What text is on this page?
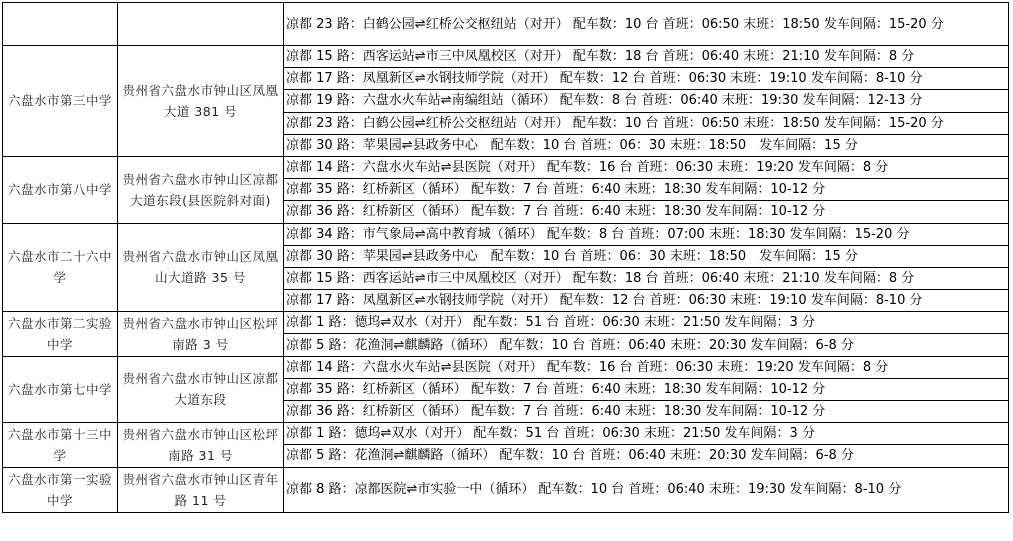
		凉都 23 路：白鹤公园⇌红桥公交枢纽站（对开） 配车数：10 台 首班：06:50 末班：18:50 发车间隔：15-20 分
六盘水市第三中学	贵州省六盘水市钟山区凤凰大道 381 号	凉都 15 路：西客运站⇌市三中凤凰校区（对开） 配车数：18 台 首班：06:40 末班：21:10 发车间隔：8 分
		凉都 17 路：凤凰新区⇌水钢技师学院（对开） 配车数：12 台 首班：06:30 末班：19:10 发车间隔：8-10 分
		凉都 19 路：六盘水火车站⇌南编组站（循环） 配车数：8 台 首班：06:40 末班：19:30 发车间隔：12-13 分
		凉都 23 路：白鹤公园⇌红桥公交枢纽站（对开） 配车数：10 台 首班：06:50 末班：18:50 发车间隔：15-20 分
		凉都 30 路：苹果园⇌县政务中心　配车数：10 台 首班：06：30 末班：18:50　发车间隔：15 分
六盘水市第八中学	贵州省六盘水市钟山区凉都大道东段(县医院斜对面)	凉都 14 路：六盘水火车站⇌县医院（对开） 配车数：16 台 首班：06:30 末班：19:20 发车间隔：8 分
		凉都 35 路：红桥新区（循环） 配车数：7 台 首班：6:40 末班：18:30 发车间隔：10-12 分
		凉都 36 路：红桥新区（循环） 配车数：7 台 首班：6:40 末班：18:30 发车间隔：10-12 分
六盘水市二十六中学	贵州省六盘水市钟山区凤凰山大道路 35 号	凉都 34 路：市气象局⇌高中教育城（循环） 配车数：8 台 首班：07:00 末班：18:30 发车间隔：15-20 分
		凉都 30 路：苹果园⇌县政务中心　配车数：10 台 首班：06：30 末班：18:50　发车间隔：15 分
		凉都 15 路：西客运站⇌市三中凤凰校区（对开） 配车数：18 台 首班：06:40 末班：21:10 发车间隔：8 分
		凉都 17 路：凤凰新区⇌水钢技师学院（对开） 配车数：12 台 首班：06:30 末班：19:10 发车间隔：8-10 分
六盘水市第二实验中学	贵州省六盘水市钟山区松坪南路 3 号	凉都 1 路：德坞⇌双水（对开） 配车数：51 台 首班：06:30 末班：21:50 发车间隔：3 分
		凉都 5 路：花渔洞⇌麒麟路（循环） 配车数：10 台 首班：06:40 末班：20:30 发车间隔：6-8 分
六盘水市第七中学	贵州省六盘水市钟山区凉都大道东段	凉都 14 路：六盘水火车站⇌县医院（对开） 配车数：16 台 首班：06:30 末班：19:20 发车间隔：8 分
		凉都 35 路：红桥新区（循环） 配车数：7 台 首班：6:40 末班：18:30 发车间隔：10-12 分
		凉都 36 路：红桥新区（循环） 配车数：7 台 首班：6:40 末班：18:30 发车间隔：10-12 分
六盘水市第十三中学	贵州省六盘水市钟山区松坪南路 31 号	凉都 1 路：德坞⇌双水（对开） 配车数：51 台 首班：06:30 末班：21:50 发车间隔：3 分
		凉都 5 路：花渔洞⇌麒麟路（循环） 配车数：10 台 首班：06:40 末班：20:30 发车间隔：6-8 分
六盘水市第一实验中学	贵州省六盘水市钟山区青年路 11 号	凉都 8 路：凉都医院⇌市实验一中（循环） 配车数：10 台 首班：06:40 末班：19:30 发车间隔：8-10 分
